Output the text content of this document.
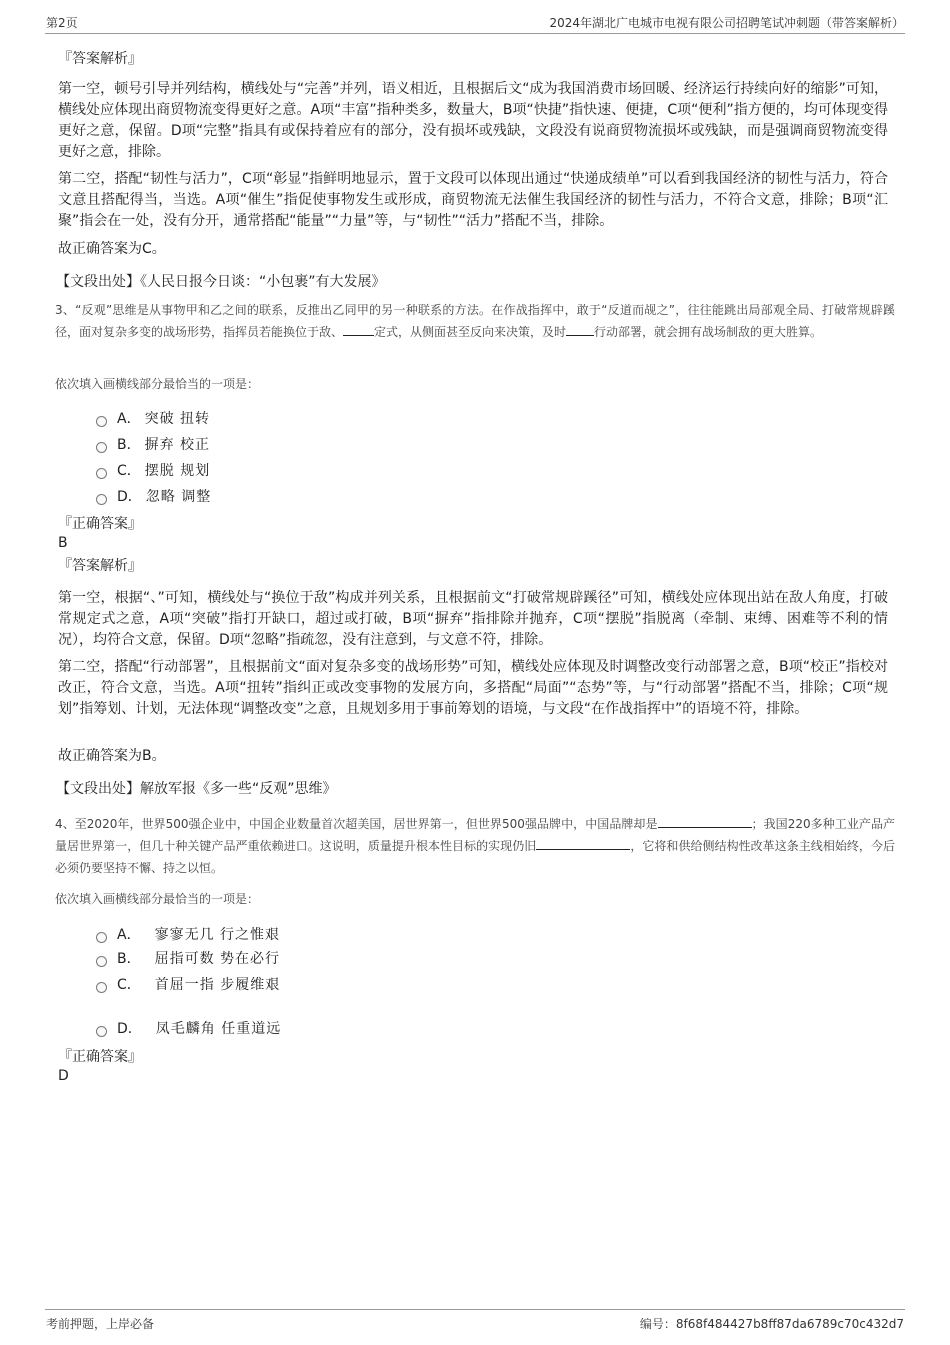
第2页	2024年湖北广电城市电视有限公司招聘笔试冲刺题（带答案解析）
『答案解析』

第一空，顿号引导并列结构，横线处与“完善”并列，语义相近，且根据后文“成为我国消费市场回暖、经济运行持续向好的缩影”可知，横线处应体现出商贸物流变得更好之意。A项“丰富”指种类多，数量大，B项“快捷”指快速、便捷，C项“便利”指方便的，均可体现变得更好之意，保留。D项“完整”指具有或保持着应有的部分，没有损坏或残缺，文段没有说商贸物流损坏或残缺，而是强调商贸物流变得更好之意，排除。

第二空，搭配“韧性与活力”，C项“彰显”指鲜明地显示，置于文段可以体现出通过“快递成绩单”可以看到我国经济的韧性与活力，符合文意且搭配得当，当选。A项“催生”指促使事物发生或形成，商贸物流无法催生我国经济的韧性与活力，不符合文意，排除；B项“汇聚”指会在一处，没有分开，通常搭配“能量”“力量”等，与“韧性”“活力”搭配不当，排除。

故正确答案为C。
【文段出处】《人民日报今日谈：“小包裹”有大发展》

3、“反观”思维是从事物甲和乙之间的联系，反推出乙同甲的另一种联系的方法。在作战指挥中，敢于“反道而觇之”，往往能跳出局部观全局、打破常规辟蹊径，面对复杂多变的战场形势，指挥员若能换位于敌、	定式，从侧面甚至反向来决策，及时 行动部署，就会拥有战场制敌的更大胜算。

依次填入画横线部分最恰当的一项是：
A． 突破 扭转
B． 摒弃 校正
C． 摆脱 规划
D． 忽略 调整
『正确答案』
B
『答案解析』

第一空，根据“、”可知，横线处与“换位于敌”构成并列关系，且根据前文“打破常规辟蹊径”可知，横线处应体现出站在敌人角度，打破常规定式之意，A项“突破”指打开缺口，超过或打破，B项“摒弃”指排除并抛弃，C项“摆脱”指脱离（牵制、束缚、困难等不利的情况），均符合文意，保留。D项“忽略”指疏忽，没有注意到，与文意不符，排除。

第二空，搭配“行动部署”，且根据前文“面对复杂多变的战场形势”可知，横线处应体现及时调整改变行动部署之意，B项“校正”指校对改正，符合文意，当选。A项“扭转”指纠正或改变事物的发展方向，多搭配“局面”“态势”等，与“行动部署”搭配不当，排除；C项“规划”指筹划、计划，无法体现“调整改变”之意，且规划多用于事前筹划的语境，与文段“在作战指挥中”的语境不符，排除。

故正确答案为B。
【文段出处】解放军报《多一些“反观”思维》

4、至2020年，世界500强企业中，中国企业数量首次超美国，居世界第一，但世界500强品牌中，中国品牌却是	；我国220多种工业产品产量居世界第一，但几十种关键产品严重依赖进口。这说明，质量提升根本性目标的实现仍旧	，它将和供给侧结构性改革这条主线相始终，今后必须仍要坚持不懈、持之以恒。

依次填入画横线部分最恰当的一项是：
A． 寥寥无几 行之惟艰
B． 屈指可数 势在必行
C． 首屈一指 步履维艰
D． 凤毛麟角 任重道远
『正确答案』
D
考前押题，上岸必备	编号：8f68f484427b8ff87da6789c70c432d7
